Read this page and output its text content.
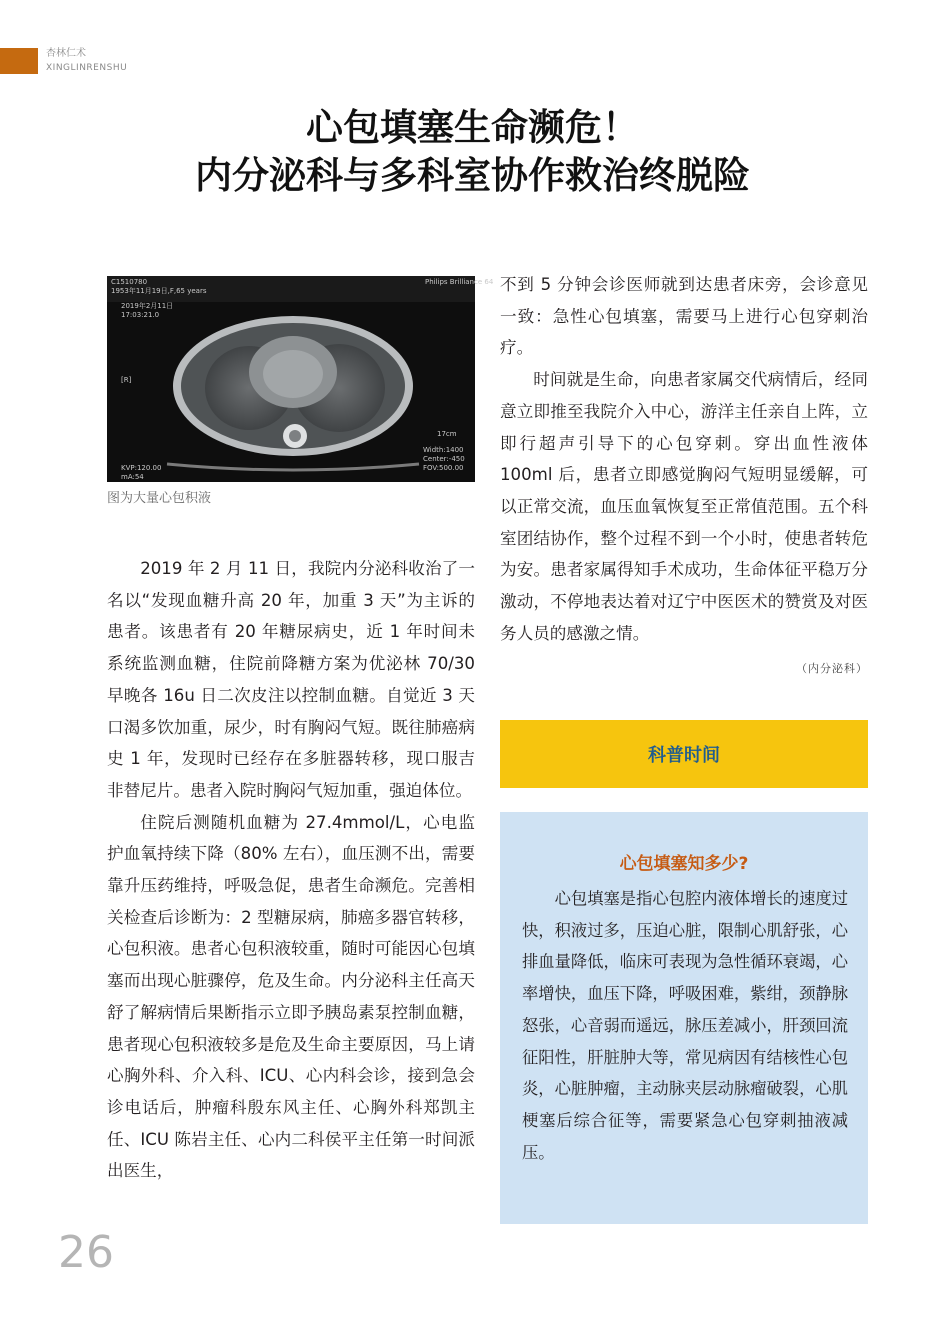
杏林仁术
XINGLINRENSHU
心包填塞生命濒危！
内分泌科与多科室协作救治终脱险
C1510780
1953年11月19日,F,65 years
2019年2月11日
17:03:21.0
[R]
Philips Brilliance 64
17cm
Width:1400
Center:-450
FOV:500.00
KVP:120.00
mA:54
图为大量心包积液

2019 年 2 月 11 日，我院内分泌科收治了一名以“发现血糖升高 20 年，加重 3 天”为主诉的患者。该患者有 20 年糖尿病史，近 1 年时间未系统监测血糖，住院前降糖方案为优泌林 70/30 早晚各 16u 日二次皮注以控制血糖。自觉近 3 天口渴多饮加重，尿少，时有胸闷气短。既往肺癌病史 1 年，发现时已经存在多脏器转移，现口服吉非替尼片。患者入院时胸闷气短加重，强迫体位。

住院后测随机血糖为 27.4mmol/L，心电监护血氧持续下降（80% 左右），血压测不出，需要靠升压药维持，呼吸急促，患者生命濒危。完善相关检查后诊断为：2 型糖尿病，肺癌多器官转移，心包积液。患者心包积液较重，随时可能因心包填塞而出现心脏骤停，危及生命。内分泌科主任高天舒了解病情后果断指示立即予胰岛素泵控制血糖，患者现心包积液较多是危及生命主要原因，马上请心胸外科、介入科、ICU、心内科会诊，接到急会诊电话后，肿瘤科殷东风主任、心胸外科郑凯主任、ICU 陈岩主任、心内二科侯平主任第一时间派出医生，

不到 5 分钟会诊医师就到达患者床旁，会诊意见一致：急性心包填塞，需要马上进行心包穿刺治疗。

时间就是生命，向患者家属交代病情后，经同意立即推至我院介入中心，游洋主任亲自上阵，立即行超声引导下的心包穿刺。穿出血性液体 100ml 后，患者立即感觉胸闷气短明显缓解，可以正常交流，血压血氧恢复至正常值范围。五个科室团结协作，整个过程不到一个小时，使患者转危为安。患者家属得知手术成功，生命体征平稳万分激动，不停地表达着对辽宁中医医术的赞赏及对医务人员的感激之情。

（内分泌科）
科普时间
心包填塞知多少?
心包填塞是指心包腔内液体增长的速度过快，积液过多，压迫心脏，限制心肌舒张，心排血量降低，临床可表现为急性循环衰竭，心率增快，血压下降，呼吸困难，紫绀，颈静脉怒张，心音弱而遥远，脉压差减小，肝颈回流征阳性，肝脏肿大等，常见病因有结核性心包炎，心脏肿瘤，主动脉夹层动脉瘤破裂，心肌梗塞后综合征等，需要紧急心包穿刺抽液减压。
26
